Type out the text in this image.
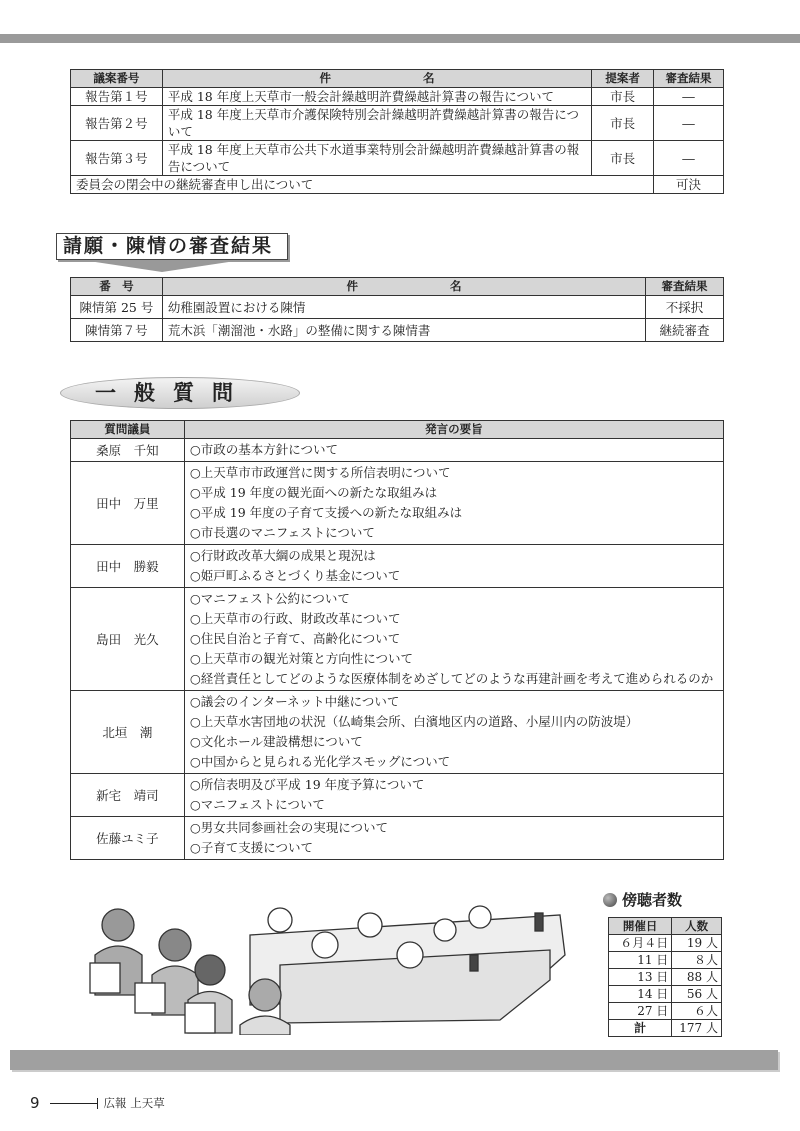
議案番号	件　　　　　　　　名	提案者	審査結果
報告第１号	平成 18 年度上天草市一般会計繰越明許費繰越計算書の報告について	市長	―
報告第２号	平成 18 年度上天草市介護保険特別会計繰越明許費繰越計算書の報告について	市長	―
報告第３号	平成 18 年度上天草市公共下水道事業特別会計繰越明許費繰越計算書の報告について	市長	―
委員会の閉会中の継続審査申し出について			可決
請願・陳情の審査結果
番　号	件　　　　　　　　名	審査結果
陳情第 25 号	幼稚園設置における陳情	不採択
陳情第７号	荒木浜「潮溜池・水路」の整備に関する陳情書	継続審査
一般質問
質問議員	発言の要旨
桑原　千知	○市政の基本方針について

田中　万里	○上天草市市政運営に関する所信表明について
○平成 19 年度の観光面への新たな取組みは
○平成 19 年度の子育て支援への新たな取組みは
○市長選のマニフェストについて

田中　勝毅	○行財政改革大綱の成果と現況は
○姫戸町ふるさとづくり基金について

島田　光久	○マニフェスト公約について
○上天草市の行政、財政改革について
○住民自治と子育て、高齢化について
○上天草市の観光対策と方向性について
○経営責任としてどのような医療体制をめざしてどのような再建計画を考えて進められるのか

北垣　潮	○議会のインターネット中継について
○上天草水害団地の状況（仏崎集会所、白濱地区内の道路、小屋川内の防波堤）
○文化ホール建設構想について
○中国からと見られる光化学スモッグについて

新宅　靖司	○所信表明及び平成 19 年度予算について
○マニフェストについて

佐藤ユミ子	○男女共同参画社会の実現について
○子育て支援について
傍聴者数
開催日	人数
６月４日	19 人
11 日	８人
13 日	88 人
14 日	56 人
27 日	６人
計	177 人
9	広報 上天草
